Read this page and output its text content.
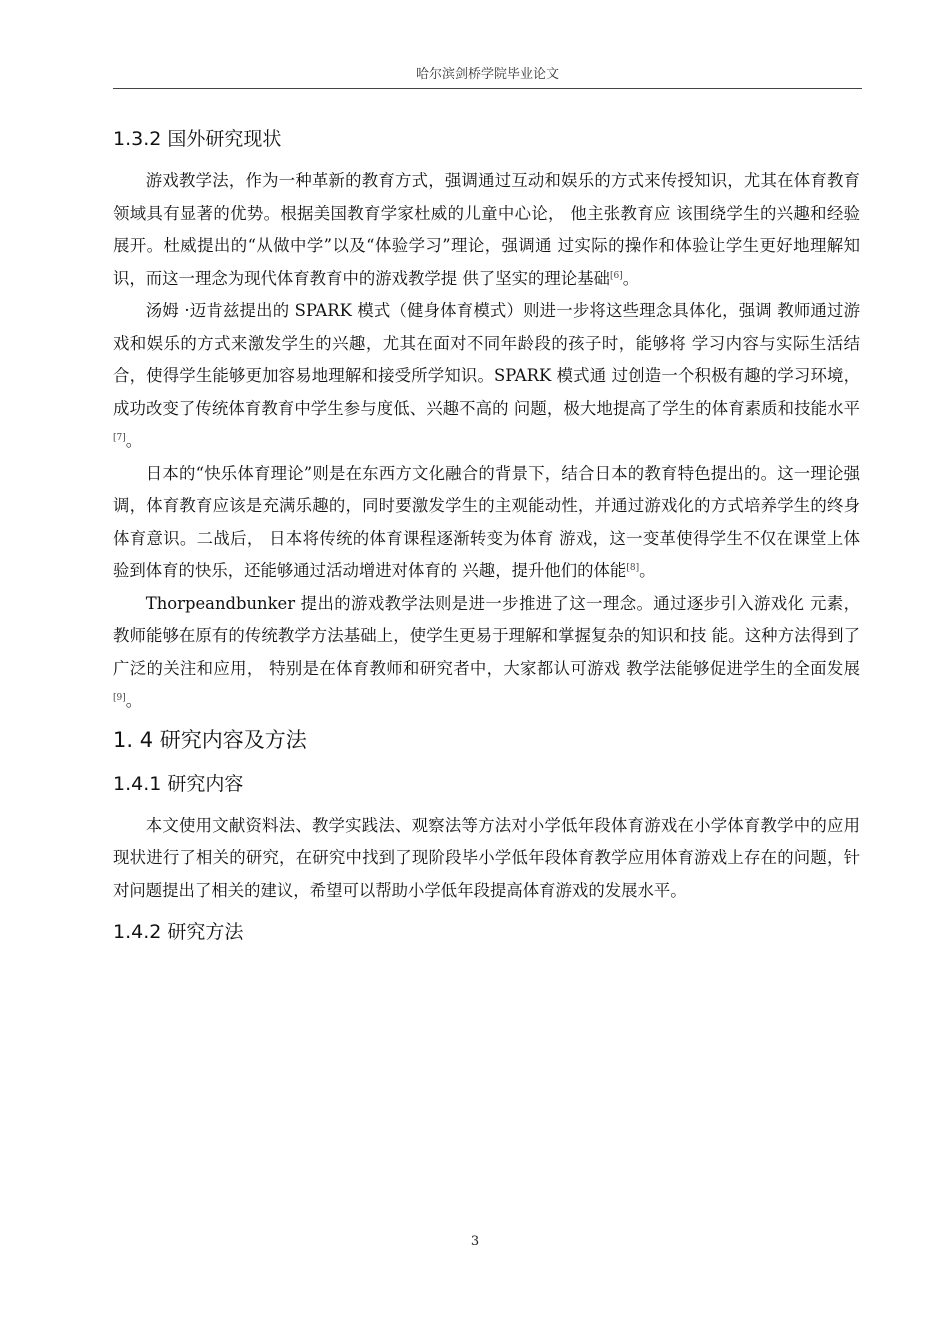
哈尔滨剑桥学院毕业论文
1.3.2 国外研究现状

游戏教学法，作为一种革新的教育方式，强调通过互动和娱乐的方式来传授知识，尤其在体育教育领域具有显著的优势。根据美国教育学家杜威的儿童中心论， 他主张教育应 该围绕学生的兴趣和经验展开。杜威提出的“从做中学”以及“体验学习”理论，强调通 过实际的操作和体验让学生更好地理解知识，而这一理念为现代体育教育中的游戏教学提 供了坚实的理论基础[6]。

汤姆 ·迈肯兹提出的 SPARK 模式（健身体育模式）则进一步将这些理念具体化，强调 教师通过游戏和娱乐的方式来激发学生的兴趣，尤其在面对不同年龄段的孩子时，能够将 学习内容与实际生活结合，使得学生能够更加容易地理解和接受所学知识。SPARK 模式通 过创造一个积极有趣的学习环境，成功改变了传统体育教育中学生参与度低、兴趣不高的 问题，极大地提高了学生的体育素质和技能水平[7]。

日本的“快乐体育理论”则是在东西方文化融合的背景下，结合日本的教育特色提出的。这一理论强调，体育教育应该是充满乐趣的，同时要激发学生的主观能动性，并通过游戏化的方式培养学生的终身体育意识。二战后， 日本将传统的体育课程逐渐转变为体育 游戏，这一变革使得学生不仅在课堂上体验到体育的快乐，还能够通过活动增进对体育的 兴趣，提升他们的体能[8]。

Thorpeandbunker 提出的游戏教学法则是进一步推进了这一理念。通过逐步引入游戏化 元素，教师能够在原有的传统教学方法基础上，使学生更易于理解和掌握复杂的知识和技 能。这种方法得到了广泛的关注和应用， 特别是在体育教师和研究者中，大家都认可游戏 教学法能够促进学生的全面发展[9]。

1. 4 研究内容及方法
1.4.1 研究内容

本文使用文献资料法、教学实践法、观察法等方法对小学低年段体育游戏在小学体育教学中的应用现状进行了相关的研究，在研究中找到了现阶段毕小学低年段体育教学应用体育游戏上存在的问题，针对问题提出了相关的建议，希望可以帮助小学低年段提高体育游戏的发展水平。

1.4.2 研究方法
3
